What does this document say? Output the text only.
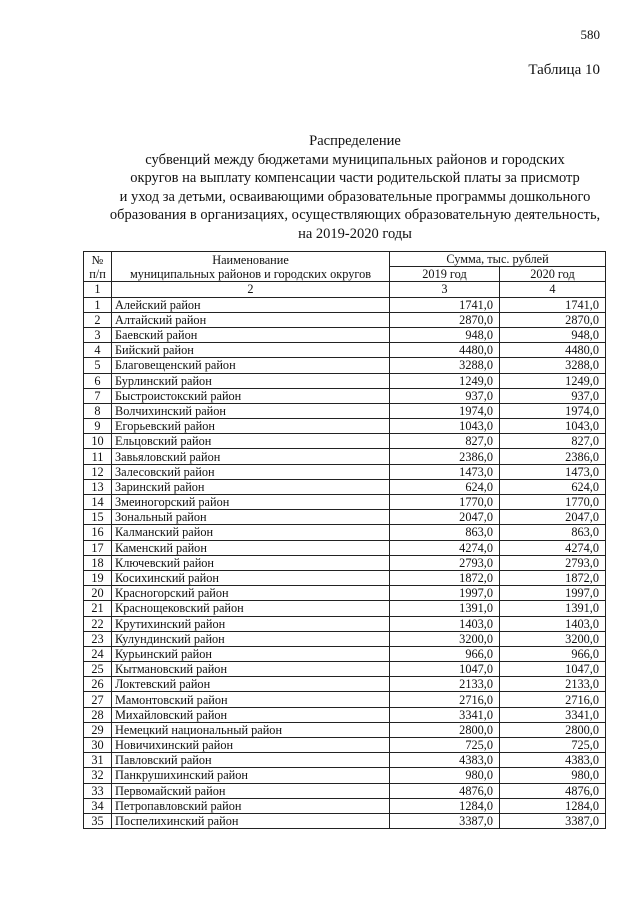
580
Таблица 10
Распределение
субвенций между бюджетами муниципальных районов и городских
округов на выплату компенсации части родительской платы за присмотр
и уход за детьми, осваивающими образовательные программы дошкольного
образования в организациях, осуществляющих образовательную деятельность,
на 2019-2020 годы
№
п/п	Наименование
муниципальных районов и городских округов	Сумма, тыс. рублей	
		2019 год	2020 год
1	2	3	4
1	Алейский район	1741,0	1741,0
2	Алтайский район	2870,0	2870,0
3	Баевский район	948,0	948,0
4	Бийский район	4480,0	4480,0
5	Благовещенский район	3288,0	3288,0
6	Бурлинский район	1249,0	1249,0
7	Быстроистокский район	937,0	937,0
8	Волчихинский район	1974,0	1974,0
9	Егорьевский район	1043,0	1043,0
10	Ельцовский район	827,0	827,0
11	Завьяловский район	2386,0	2386,0
12	Залесовский район	1473,0	1473,0
13	Заринский район	624,0	624,0
14	Змеиногорский район	1770,0	1770,0
15	Зональный район	2047,0	2047,0
16	Калманский район	863,0	863,0
17	Каменский район	4274,0	4274,0
18	Ключевский район	2793,0	2793,0
19	Косихинский район	1872,0	1872,0
20	Красногорский район	1997,0	1997,0
21	Краснощековский район	1391,0	1391,0
22	Крутихинский район	1403,0	1403,0
23	Кулундинский район	3200,0	3200,0
24	Курьинский район	966,0	966,0
25	Кытмановский район	1047,0	1047,0
26	Локтевский район	2133,0	2133,0
27	Мамонтовский район	2716,0	2716,0
28	Михайловский район	3341,0	3341,0
29	Немецкий национальный район	2800,0	2800,0
30	Новичихинский район	725,0	725,0
31	Павловский район	4383,0	4383,0
32	Панкрушихинский район	980,0	980,0
33	Первомайский район	4876,0	4876,0
34	Петропавловский район	1284,0	1284,0
35	Поспелихинский район	3387,0	3387,0
